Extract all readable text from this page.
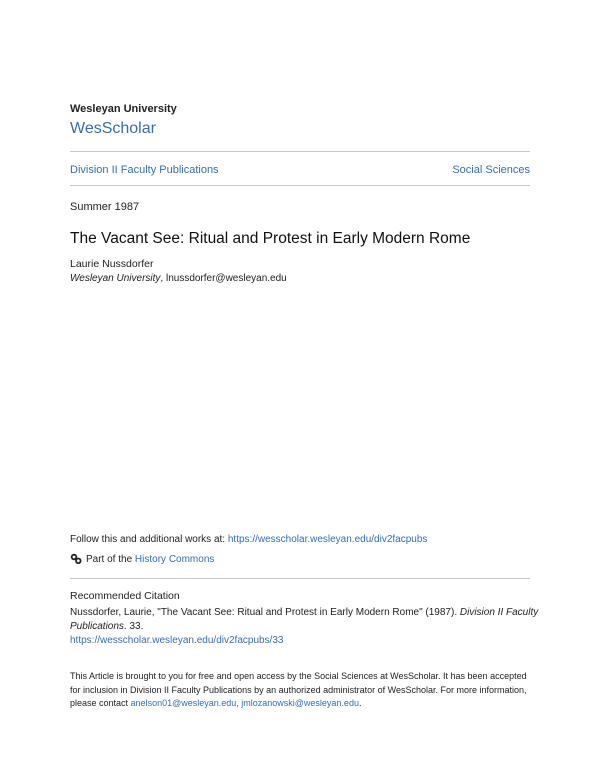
Wesleyan University
WesScholar
Division II Faculty Publications	Social Sciences
Summer 1987
The Vacant See: Ritual and Protest in Early Modern Rome
Laurie Nussdorfer
Wesleyan University, lnussdorfer@wesleyan.edu
Follow this and additional works at: https://wesscholar.wesleyan.edu/div2facpubs
Part of the
History Commons
Recommended Citation
Nussdorfer, Laurie, "The Vacant See: Ritual and Protest in Early Modern Rome" (1987). Division II Faculty Publications. 33.
https://wesscholar.wesleyan.edu/div2facpubs/33
This Article is brought to you for free and open access by the Social Sciences at WesScholar. It has been accepted for inclusion in Division II Faculty Publications by an authorized administrator of WesScholar. For more information, please contact anelson01@wesleyan.edu, jmlozanowski@wesleyan.edu.
